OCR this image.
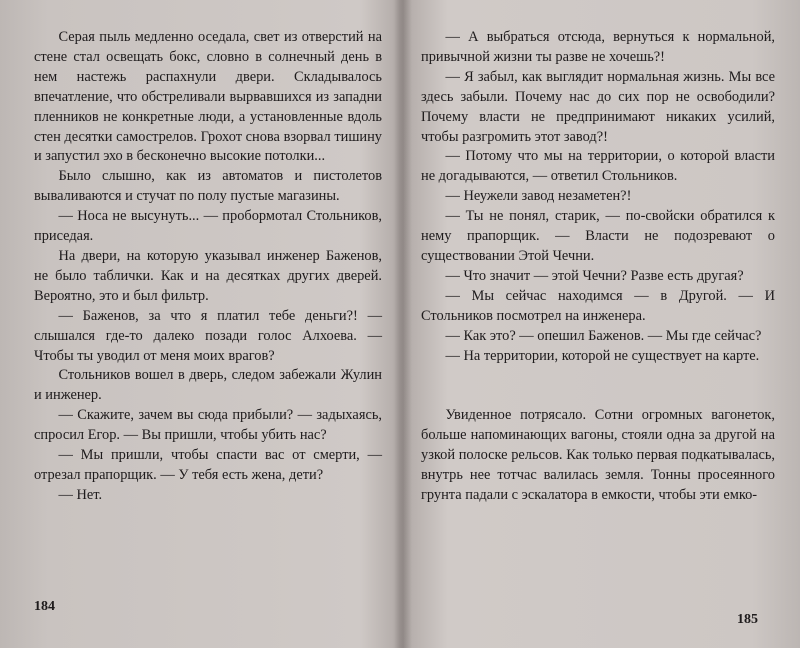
Серая пыль медленно оседала, свет из отверстий на стене стал освещать бокс, словно в солнечный день в нем настежь распахнули двери. Складывалось впечатление, что обстреливали вырвавшихся из западни пленников не конкретные люди, а установленные вдоль стен десятки самострелов. Грохот снова взорвал тишину и запустил эхо в бесконечно высокие потолки...

Было слышно, как из автоматов и пистолетов вываливаются и стучат по полу пустые магазины.

— Носа не высунуть... — пробормотал Стольников, приседая.

На двери, на которую указывал инженер Баженов, не было таблички. Как и на десятках других дверей. Вероятно, это и был фильтр.

— Баженов, за что я платил тебе деньги?! — слышался где-то далеко позади голос Алхоева. — Чтобы ты уводил от меня моих врагов?

Стольников вошел в дверь, следом забежали Жулин и инженер.

— Скажите, зачем вы сюда прибыли? — задыхаясь, спросил Егор. — Вы пришли, чтобы убить нас?

— Мы пришли, чтобы спасти вас от смерти, — отрезал прапорщик. — У тебя есть жена, дети?

— Нет.

184

— А выбраться отсюда, вернуться к нормальной, привычной жизни ты разве не хочешь?!

— Я забыл, как выглядит нормальная жизнь. Мы все здесь забыли. Почему нас до сих пор не освободили? Почему власти не предпринимают никаких усилий, чтобы разгромить этот завод?!

— Потому что мы на территории, о которой власти не догадываются, — ответил Стольников.

— Неужели завод незаметен?!

— Ты не понял, старик, — по-свойски обратился к нему прапорщик. — Власти не подозревают о существовании Этой Чечни.

— Что значит — этой Чечни? Разве есть другая?

— Мы сейчас находимся — в Другой. — И Стольников посмотрел на инженера.

— Как это? — опешил Баженов. — Мы где сейчас?

— На территории, которой не существует на карте.

Увиденное потрясало. Сотни огромных вагонеток, больше напоминающих вагоны, стояли одна за другой на узкой полоске рельсов. Как только первая подкатывалась, внутрь нее тотчас валилась земля. Тонны просеянного грунта падали с эскалатора в емкости, чтобы эти емко-

185
